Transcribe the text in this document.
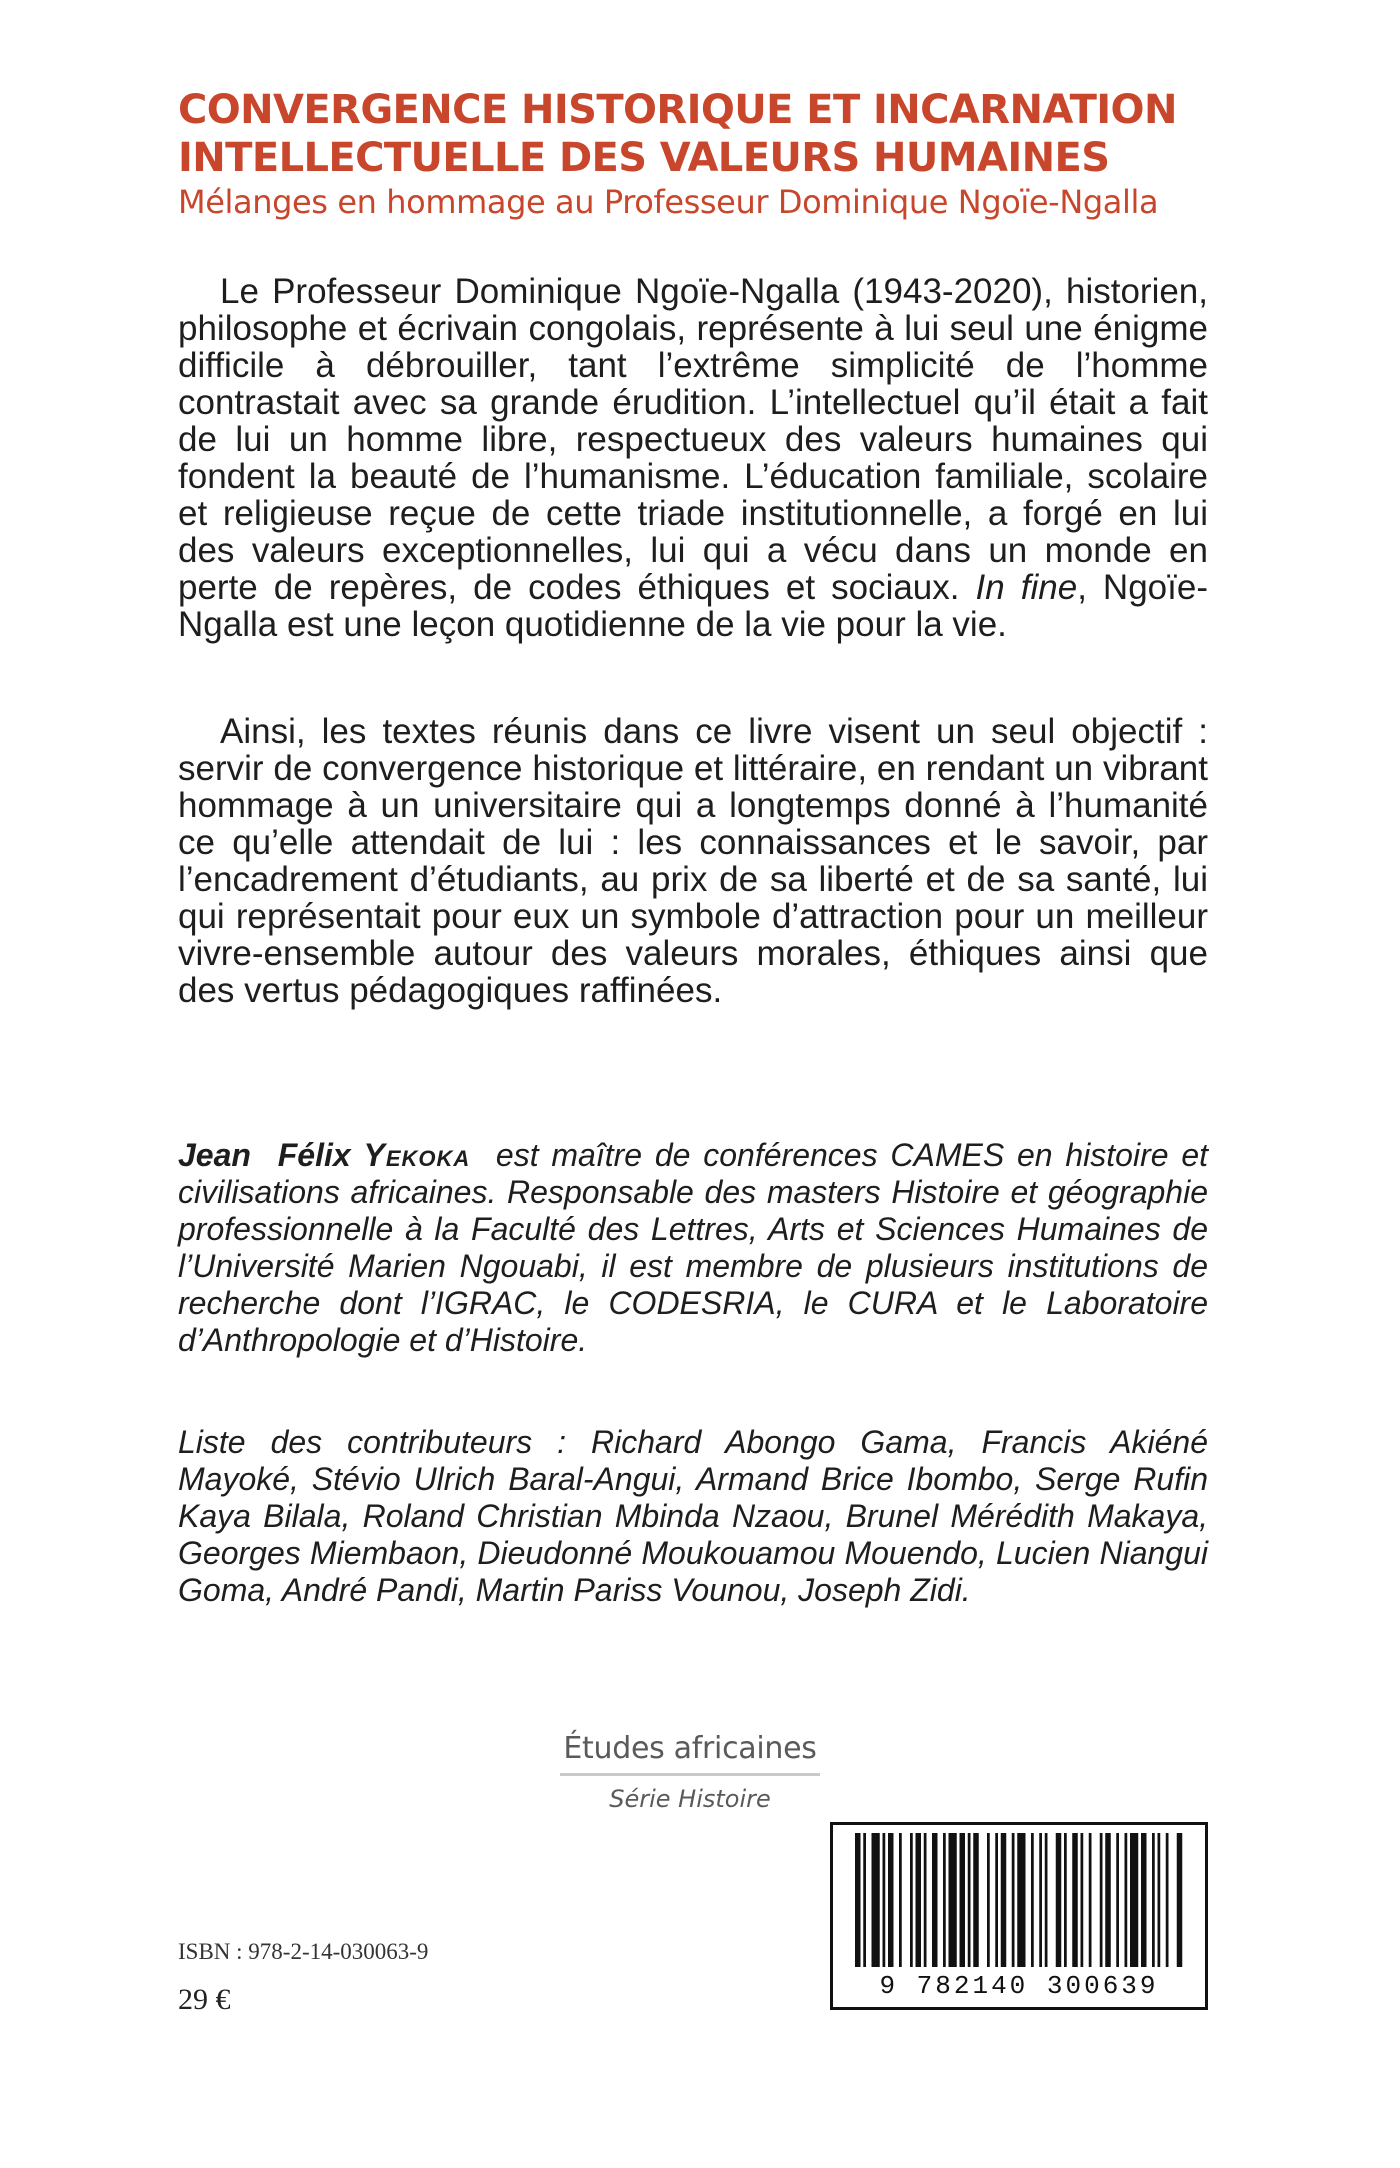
CONVERGENCE HISTORIQUE ET INCARNATION
INTELLECTUELLE DES VALEURS HUMAINES

Mélanges en hommage au Professeur Dominique Ngoïe-Ngalla

Le Professeur Dominique Ngoïe-Ngalla (1943-2020), historien, philosophe et écrivain congolais, représente à lui seul une énigme difficile à débrouiller, tant l’extrême simplicité de l’homme contrastait avec sa grande érudition. L’intellectuel qu’il était a fait de lui un homme libre, respectueux des valeurs humaines qui fondent la beauté de l’humanisme. L’éducation familiale, scolaire et religieuse reçue de cette triade institutionnelle, a forgé en lui des valeurs exceptionnelles, lui qui a vécu dans un monde en perte de repères, de codes éthiques et sociaux. In fine, Ngoïe-Ngalla est une leçon quotidienne de la vie pour la vie.

Ainsi, les textes réunis dans ce livre visent un seul objectif : servir de convergence historique et littéraire, en rendant un vibrant hommage à un universitaire qui a longtemps donné à l’humanité ce qu’elle attendait de lui : les connaissances et le savoir, par l’encadrement d’étudiants, au prix de sa liberté et de sa santé, lui qui représentait pour eux un symbole d’attraction pour un meilleur vivre-ensemble autour des valeurs morales, éthiques ainsi que des vertus pédagogiques raffinées.

Jean Félix Yekoka est maître de conférences CAMES en histoire et civilisations africaines. Responsable des masters Histoire et géographie professionnelle à la Faculté des Lettres, Arts et Sciences Humaines de l’Université Marien Ngouabi, il est membre de plusieurs institutions de recherche dont l’IGRAC, le CODESRIA, le CURA et le Laboratoire d’Anthropologie et d’Histoire.

Liste des contributeurs : Richard Abongo Gama, Francis Akiéné Mayoké, Stévio Ulrich Baral-Angui, Armand Brice Ibombo, Serge Rufin Kaya Bilala, Roland Christian Mbinda Nzaou, Brunel Mérédith Makaya, Georges Miembaon, Dieudonné Moukouamou Mouendo, Lucien Niangui Goma, André Pandi, Martin Pariss Vounou, Joseph Zidi.

Études africaines
Série Histoire
ISBN : 978-2-14-030063-9
29 €	9 782140 300639
